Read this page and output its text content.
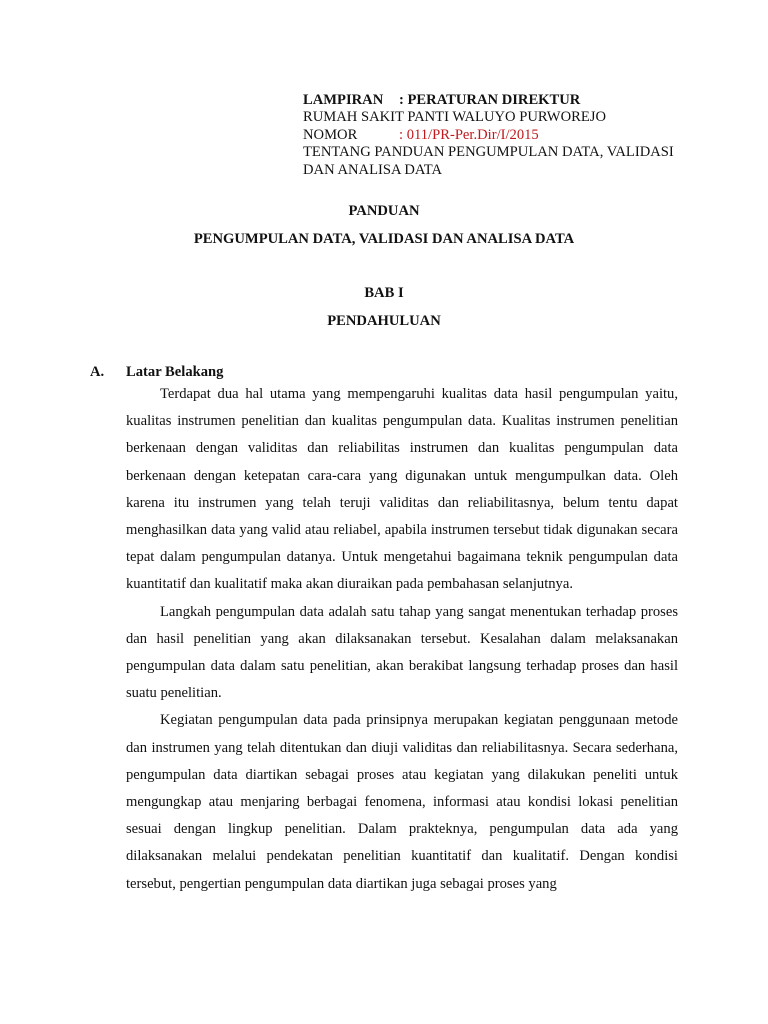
LAMPIRAN : PERATURAN DIREKTUR
RUMAH SAKIT PANTI WALUYO PURWOREJO
NOMOR	: 011/PR-Per.Dir/I/2015
TENTANG PANDUAN PENGUMPULAN DATA, VALIDASI
DAN ANALISA DATA
PANDUAN
PENGUMPULAN DATA, VALIDASI DAN ANALISA DATA
BAB I
PENDAHULUAN
A. Latar Belakang

Terdapat dua hal utama yang mempengaruhi kualitas data hasil pengumpulan yaitu, kualitas instrumen penelitian dan kualitas pengumpulan data. Kualitas instrumen penelitian berkenaan dengan validitas dan reliabilitas instrumen dan kualitas pengumpulan data berkenaan dengan ketepatan cara-cara yang digunakan untuk mengumpulkan data. Oleh karena itu instrumen yang telah teruji validitas dan reliabilitasnya, belum tentu dapat menghasilkan data yang valid atau reliabel, apabila instrumen tersebut tidak digunakan secara tepat dalam pengumpulan datanya. Untuk mengetahui bagaimana teknik pengumpulan data kuantitatif dan kualitatif maka akan diuraikan pada pembahasan selanjutnya.

Langkah pengumpulan data adalah satu tahap yang sangat menentukan terhadap proses dan hasil penelitian yang akan dilaksanakan tersebut. Kesalahan dalam melaksanakan pengumpulan data dalam satu penelitian, akan berakibat langsung terhadap proses dan hasil suatu penelitian.

Kegiatan pengumpulan data pada prinsipnya merupakan kegiatan penggunaan metode dan instrumen yang telah ditentukan dan diuji validitas dan reliabilitasnya. Secara sederhana, pengumpulan data diartikan sebagai proses atau kegiatan yang dilakukan peneliti untuk mengungkap atau menjaring berbagai fenomena, informasi atau kondisi lokasi penelitian sesuai dengan lingkup penelitian. Dalam prakteknya, pengumpulan data ada yang dilaksanakan melalui pendekatan penelitian kuantitatif dan kualitatif. Dengan kondisi tersebut, pengertian pengumpulan data diartikan juga sebagai proses yang
